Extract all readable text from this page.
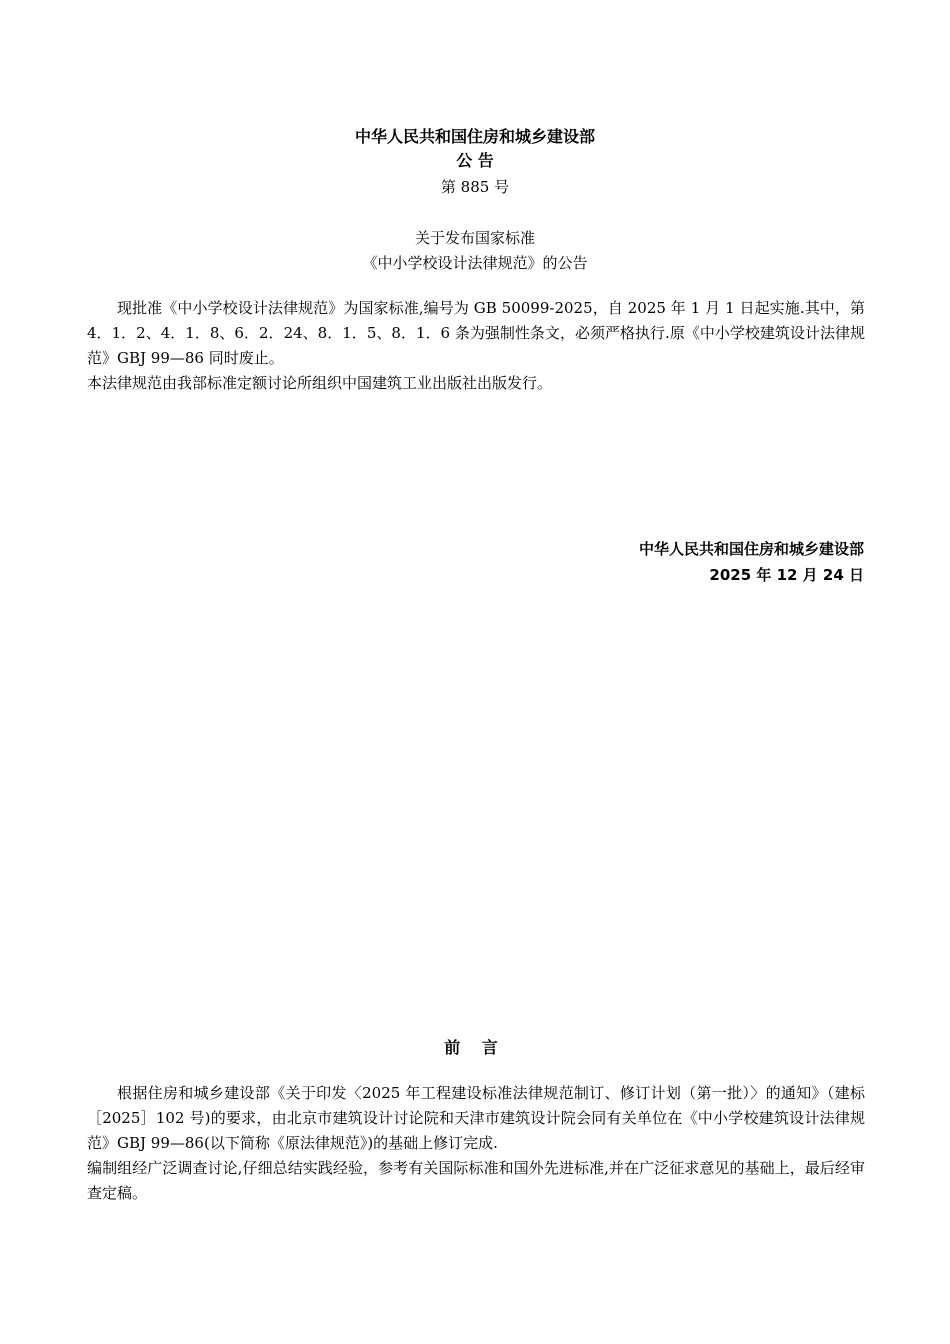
中华人民共和国住房和城乡建设部
公 告
第 885 号
关于发布国家标准
《中小学校设计法律规范》的公告

现批准《中小学校设计法律规范》为国家标准,编号为 GB 50099-2025，自 2025 年 1 月 1 日起实施.其中，第 4．1．2、4．1．8、6．2．24、8．1．5、8．1．6 条为强制性条文，必须严格执行.原《中小学校建筑设计法律规范》GBJ 99—86 同时废止。

本法律规范由我部标准定额讨论所组织中国建筑工业出版社出版发行。

中华人民共和国住房和城乡建设部
2025 年 12 月 24 日
前 言

根据住房和城乡建设部《关于印发〈2025 年工程建设标准法律规范制订、修订计划（第一批）〉的通知》（建标［2025］102 号)的要求，由北京市建筑设计讨论院和天津市建筑设计院会同有关单位在《中小学校建筑设计法律规范》GBJ 99—86(以下简称《原法律规范》)的基础上修订完成.

编制组经广泛调查讨论,仔细总结实践经验，参考有关国际标准和国外先进标准,并在广泛征求意见的基础上，最后经审查定稿。
